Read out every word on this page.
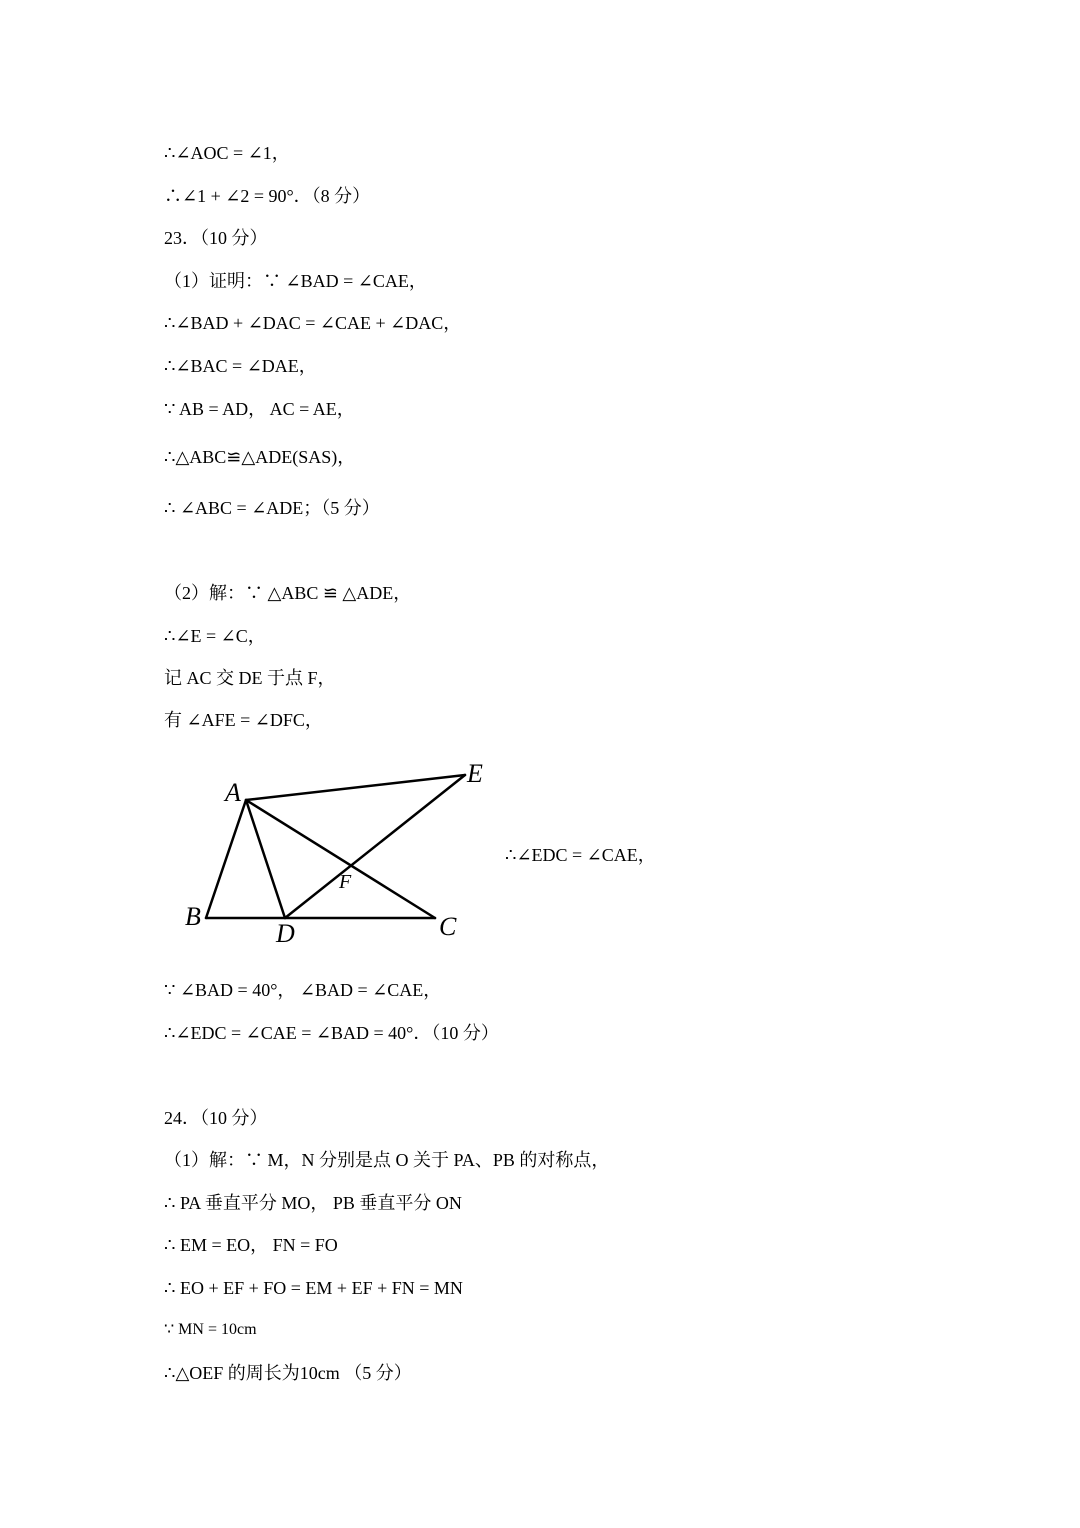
∴∠AOC = ∠1，
∴∠1 + ∠2 = 90°．（8 分）
23．（10 分）
（1）证明：∵ ∠BAD = ∠CAE，
∴∠BAD + ∠DAC = ∠CAE + ∠DAC，
∴∠BAC = ∠DAE，
∵ AB = AD， AC = AE，
∴△ABC≌△ADE(SAS)，
∴ ∠ABC = ∠ADE；（5 分）
（2）解：∵ △ABC ≌ △ADE，
∴∠E = ∠C，
记 AC 交 DE 于点 F，
有 ∠AFE = ∠DFC，
∵ ∠BAD = 40°， ∠BAD = ∠CAE，
∴∠EDC = ∠CAE = ∠BAD = 40°．（10 分）
24．（10 分）
（1）解：∵ M，N 分别是点 O 关于 PA、PB 的对称点，
∴ PA 垂直平分 MO， PB 垂直平分 ON
∴ EM = EO， FN = FO
∴ EO + EF + FO = EM + EF + FN = MN
∵ MN = 10cm
∴△OEF 的周长为10cm （5 分）
∴∠EDC = ∠CAE，
A
E
F
B
D	C
